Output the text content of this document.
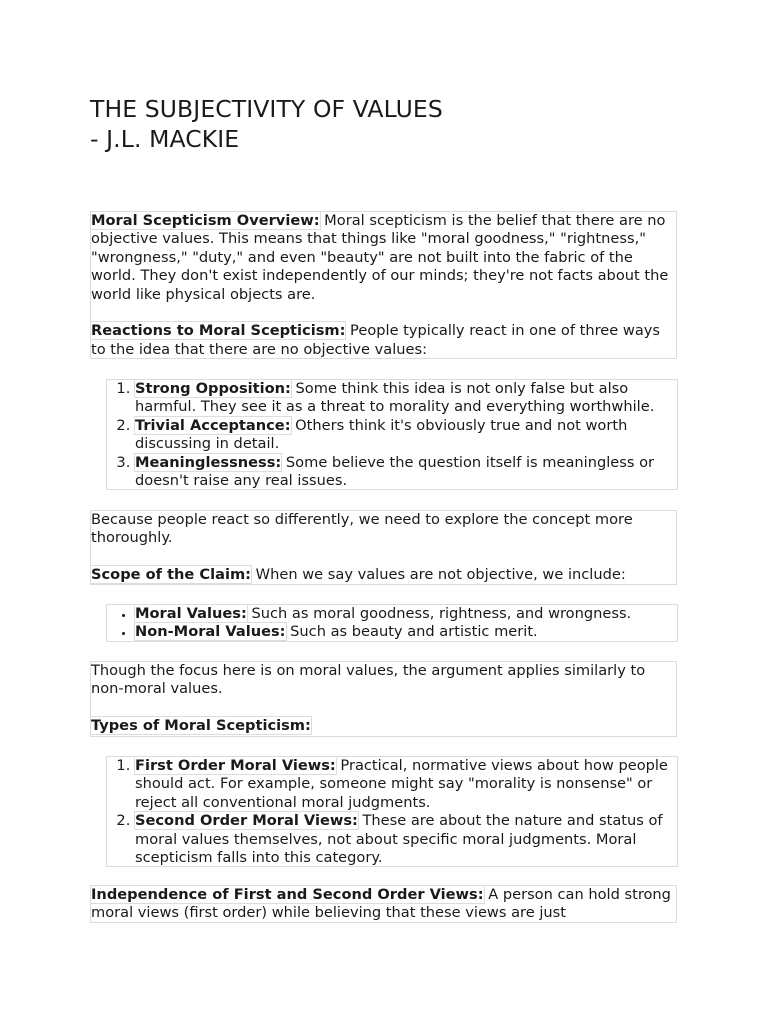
THE SUBJECTIVITY OF VALUES
- J.L. MACKIE

Moral Scepticism Overview: Moral scepticism is the belief that there are no objective values. This means that things like "moral goodness," "rightness," "wrongness," "duty," and even "beauty" are not built into the fabric of the world. They don't exist independently of our minds; they're not facts about the world like physical objects are.

Reactions to Moral Scepticism: People typically react in one of three ways to the idea that there are no objective values:

1. Strong Opposition: Some think this idea is not only false but also harmful. They see it as a threat to morality and everything worthwhile.
2. Trivial Acceptance: Others think it's obviously true and not worth discussing in detail.
3. Meaninglessness: Some believe the question itself is meaningless or doesn't raise any real issues.

Because people react so differently, we need to explore the concept more thoroughly.

Scope of the Claim: When we say values are not objective, we include:

• Moral Values: Such as moral goodness, rightness, and wrongness.
• Non-Moral Values: Such as beauty and artistic merit.

Though the focus here is on moral values, the argument applies similarly to non-moral values.

Types of Moral Scepticism:

1. First Order Moral Views: Practical, normative views about how people should act. For example, someone might say "morality is nonsense" or reject all conventional moral judgments.
2. Second Order Moral Views: These are about the nature and status of moral values themselves, not about specific moral judgments. Moral scepticism falls into this category.

Independence of First and Second Order Views: A person can hold strong moral views (first order) while believing that these views are just
